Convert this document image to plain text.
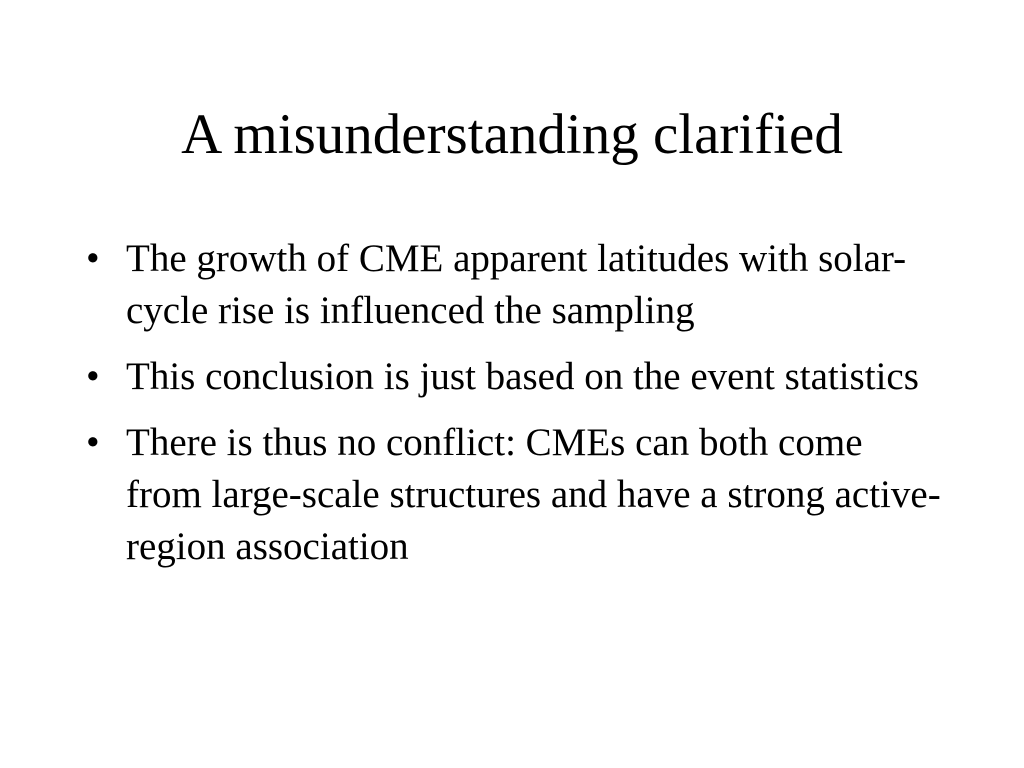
A misunderstanding clarified
• The growth of CME apparent latitudes with solar-cycle rise is influenced the sampling
• This conclusion is just based on the event statistics
• There is thus no conflict: CMEs can both come from large-scale structures and have a strong active-region association
